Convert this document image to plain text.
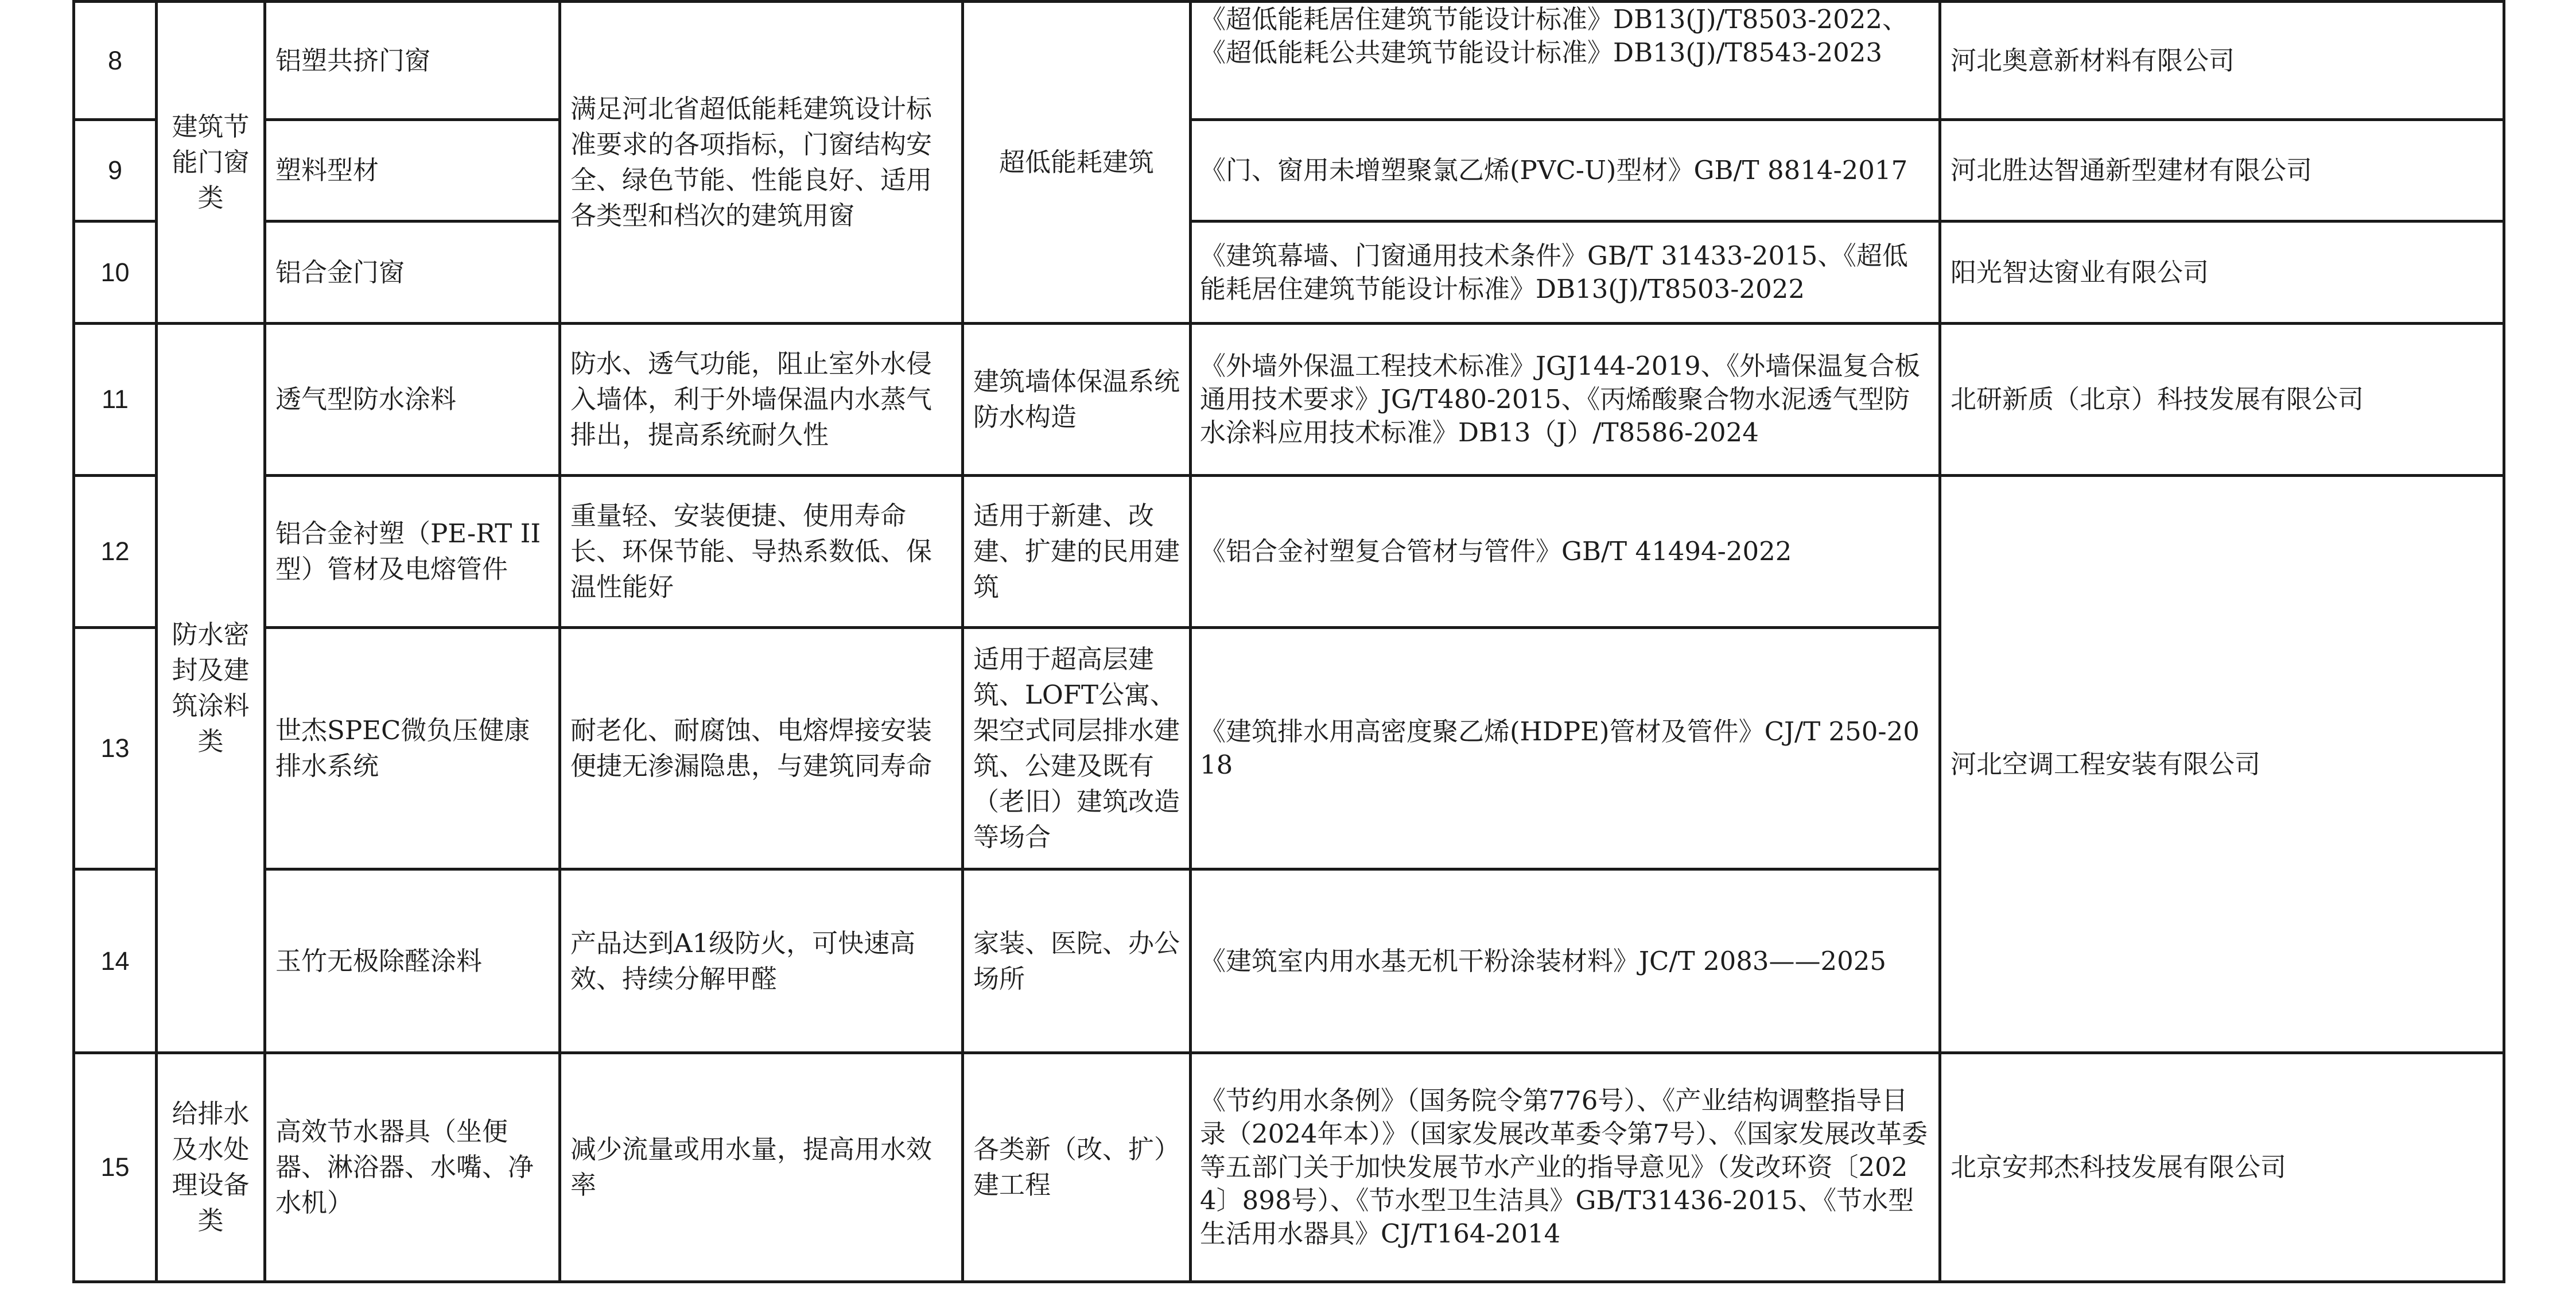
8	建筑节能门窗类	铝塑共挤门窗	满足河北省超低能耗建筑设计标准要求的各项指标，门窗结构安全、绿色节能、性能良好、适用各类型和档次的建筑用窗	超低能耗建筑	《超低能耗居住建筑节能设计标准》DB13(J)/T8503-2022、《超低能耗公共建筑节能设计标准》DB13(J)/T8543-2023	河北奥意新材料有限公司
9		塑料型材			《门、窗用未增塑聚氯乙烯(PVC-U)型材》GB/T 8814-2017	河北胜达智通新型建材有限公司
10		铝合金门窗			《建筑幕墙、门窗通用技术条件》GB/T 31433-2015、《超低能耗居住建筑节能设计标准》DB13(J)/T8503-2022	阳光智达窗业有限公司
11	防水密封及建筑涂料类	透气型防水涂料	防水、透气功能，阻止室外水侵入墙体，利于外墙保温内水蒸气排出，提高系统耐久性	建筑墙体保温系统防水构造	《外墙外保温工程技术标准》JGJ144-2019、《外墙保温复合板通用技术要求》JG/T480-2015、《丙烯酸聚合物水泥透气型防水涂料应用技术标准》DB13（J）/T8586-2024	北研新质（北京）科技发展有限公司
12		铝合金衬塑（PE-RT II型）管材及电熔管件	重量轻、安装便捷、使用寿命长、环保节能、导热系数低、保温性能好	适用于新建、改建、扩建的民用建筑	《铝合金衬塑复合管材与管件》GB/T 41494-2022	河北空调工程安装有限公司
13		世杰SPEC微负压健康排水系统	耐老化、耐腐蚀、电熔焊接安装便捷无渗漏隐患，与建筑同寿命	适用于超高层建筑、LOFT公寓、架空式同层排水建筑、公建及既有（老旧）建筑改造等场合	《建筑排水用高密度聚乙烯(HDPE)管材及管件》CJ/T 250-2018	
14		玉竹无极除醛涂料	产品达到A1级防火，可快速高效、持续分解甲醛	家装、医院、办公场所	《建筑室内用水基无机干粉涂装材料》JC/T 2083——2025	
15	给排水及水处理设备类	高效节水器具（坐便器、淋浴器、水嘴、净水机）	减少流量或用水量，提高用水效率	各类新（改、扩）建工程	《节约用水条例》（国务院令第776号）、《产业结构调整指导目录（2024年本）》（国家发展改革委令第7号）、《国家发展改革委等五部门关于加快发展节水产业的指导意见》（发改环资〔2024〕898号）、《节水型卫生洁具》GB/T31436-2015、《节水型生活用水器具》CJ/T164-2014	北京安邦杰科技发展有限公司
